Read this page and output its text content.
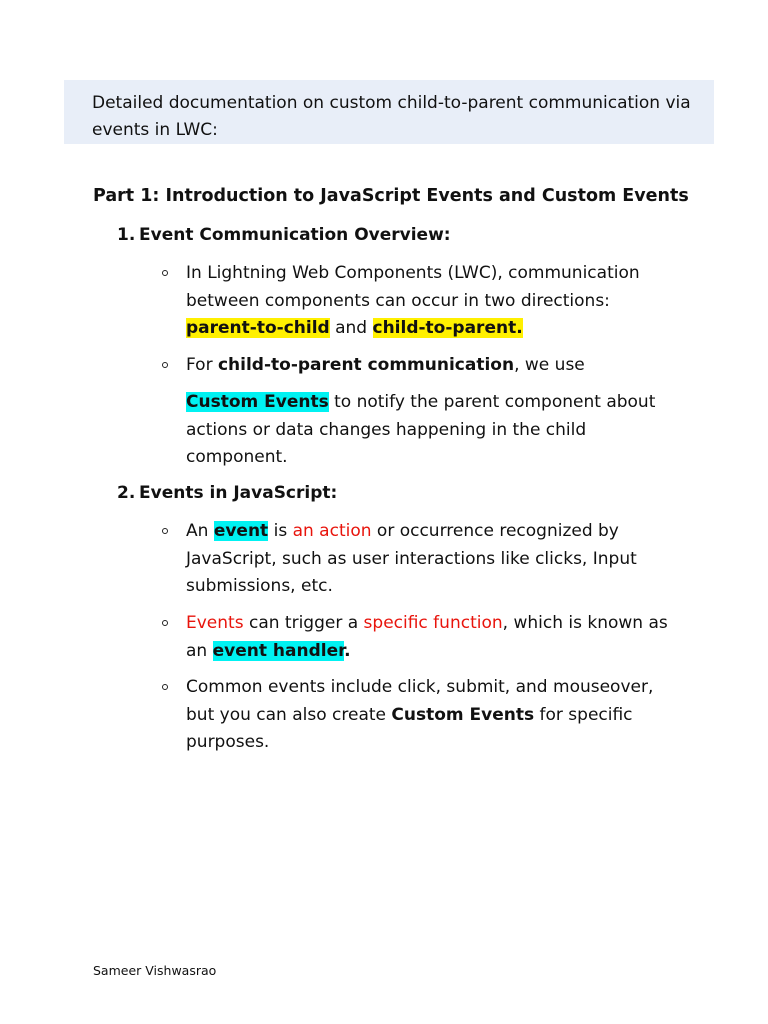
Detailed documentation on custom child-to-parent communication via events in LWC:
Part 1: Introduction to JavaScript Events and Custom Events
1. Event Communication Overview:
In Lightning Web Components (LWC), communication between components can occur in two directions: parent-to-child and child-to-parent.
For child-to-parent communication, we use
Custom Events to notify the parent component about actions or data changes happening in the child component.
2. Events in JavaScript:
An event is an action or occurrence recognized by JavaScript, such as user interactions like clicks, Input submissions, etc.
Events can trigger a specific function, which is known as an event handler.
Common events include click, submit, and mouseover, but you can also create Custom Events for specific purposes.
Sameer Vishwasrao
